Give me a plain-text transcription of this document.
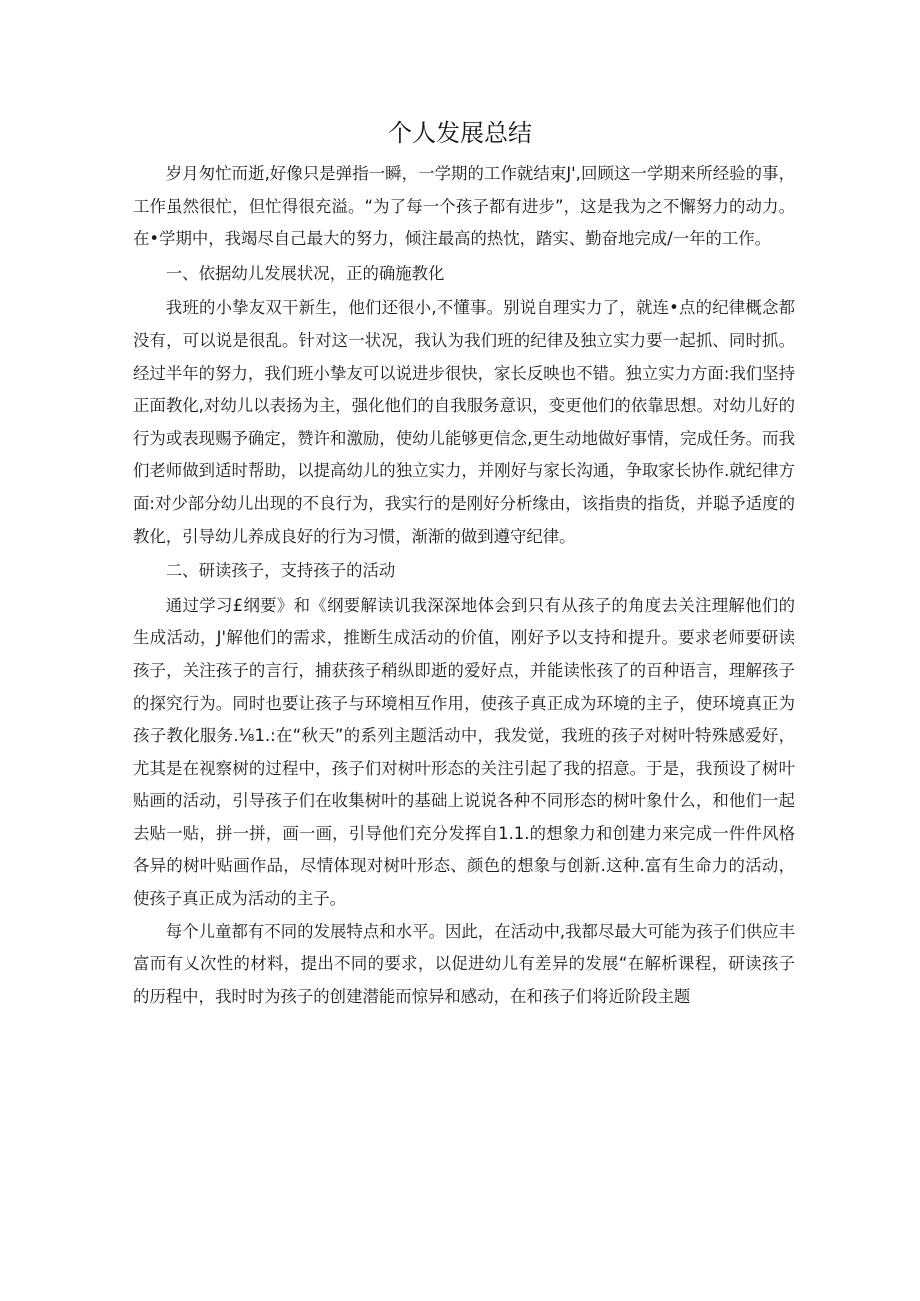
个人发展总结

岁月匆忙而逝,好像只是弹指一瞬，一学期的工作就结束J',回顾这一学期来所经验的事，工作虽然很忙，但忙得很充溢。“为了每一个孩子都有进步”，这是我为之不懈努力的动力。在•学期中，我竭尽自己最大的努力，倾注最高的热忱，踏实、勤奋地完成/一年的工作。

一、依据幼儿发展状况，正的确施教化

我班的小挚友双干新生，他们还很小,不懂事。别说自理实力了，就连•点的纪律概念都没有，可以说是很乱。针对这一状况，我认为我们班的纪律及独立实力要一起抓、同时抓。经过半年的努力，我们班小挚友可以说进步很快，家长反映也不错。独立实力方面:我们坚持正面教化,对幼儿以表扬为主，强化他们的自我服务意识，变更他们的依靠思想。对幼儿好的行为或表现赐予确定，赞许和激励，使幼儿能够更信念,更生动地做好事情，完成任务。而我们老师做到适时帮助，以提高幼儿的独立实力，并刚好与家长沟通，争取家长协作.就纪律方面:对少部分幼儿出现的不良行为，我实行的是刚好分析缘由，该指贵的指货，并聪予适度的教化，引导幼儿养成良好的行为习惯，渐渐的做到遵守纪律。

二、研读孩子，支持孩子的活动

通过学习£纲要》和《纲要解读讥我深深地体会到只有从孩子的角度去关注理解他们的生成活动，J'解他们的需求，推断生成活动的价值，刚好予以支持和提升。要求老师要研读孩子，关注孩子的言行，捕获孩子稍纵即逝的爱好点，并能读怅孩了的百种语言，理解孩子的探究行为。同时也要让孩子与环境相互作用，使孩子真正成为环境的主子，使环境真正为孩子教化服务.⅛1.:在“秋天”的系列主题活动中，我发觉，我班的孩子对树叶特殊感爱好，尤其是在视察树的过程中，孩子们对树叶形态的关注引起了我的招意。于是，我预设了树叶贴画的活动，引导孩子们在收集树叶的基础上说说各种不同形态的树叶象什么，和他们一起去贴一贴，拼一拼，画一画，引导他们充分发挥自1.1.的想象力和创建力来完成一件件风格各异的树叶贴画作品，尽情体现对树叶形态、颜色的想象与创新.这种.富有生命力的活动，使孩子真正成为活动的主子。

每个儿童都有不同的发展特点和水平。因此，在活动中,我都尽最大可能为孩子们供应丰富而有乂次性的材料，提出不同的要求，以促进幼儿有差异的发展“在解析课程，研读孩子的历程中，我时时为孩子的创建潜能而惊异和感动，在和孩子们将近阶段主题
